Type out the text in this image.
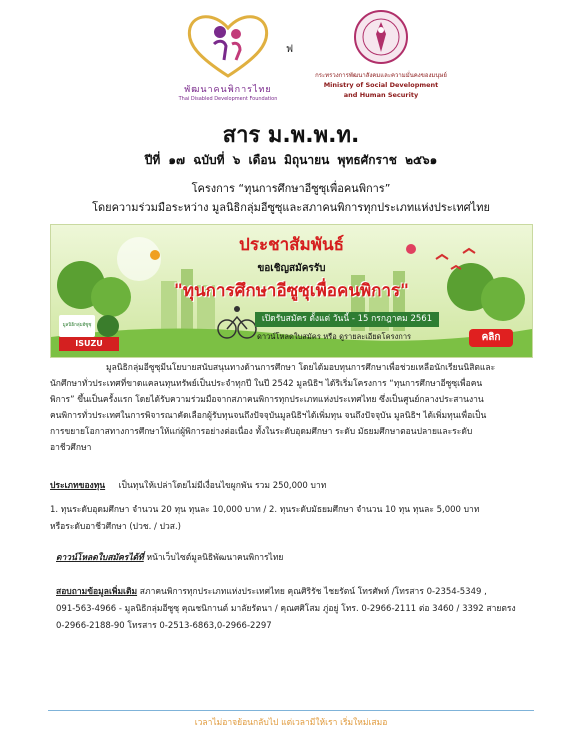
พัฒนาคนพิการไทย
Thai Disabled Development Foundation
ฟ
กระทรวงการพัฒนาสังคมและความมั่นคงของมนุษย์
Ministry of Social Development
and Human Security
สาร ม.พ.พ.ท.
ปีที่ ๑๗ ฉบับที่ ๖ เดือน มิถุนายน พุทธศักราช ๒๕๖๑
โครงการ “ทุนการศึกษาอีซูซุเพื่อคนพิการ”
โดยความร่วมมือระหว่าง มูลนิธิกลุ่มอีซูซุและสภาคนพิการทุกประเภทแห่งประเทศไทย
ประชาสัมพันธ์
ขอเชิญสมัครรับ
"ทุนการศึกษาอีซูซุเพื่อคนพิการ"
เปิดรับสมัคร ตั้งแต่ วันนี้ - 15 กรกฎาคม 2561
ดาวน์โหลดใบสมัคร หรือ ดูรายละเอียดโครงการ	คลิก
มูลนิธิกลุ่มอีซูซุ
ISUZU
มูลนิธิกลุ่มอีซูซุมีนโยบายสนับสนุนทางด้านการศึกษา โดยได้มอบทุนการศึกษาเพื่อช่วยเหลือนักเรียนนิสิตและ
นักศึกษาทั่วประเทศที่ขาดแคลนทุนทรัพย์เป็นประจำทุกปี ในปี 2542 มูลนิธิฯ ได้ริเริ่มโครงการ “ทุนการศึกษาอีซูซุเพื่อคน
พิการ” ขึ้นเป็นครั้งแรก โดยได้รับความร่วมมือจากสภาคนพิการทุกประเภทแห่งประเทศไทย ซึ่งเป็นศูนย์กลางประสานงาน
คนพิการทั่วประเทศในการพิจารณาคัดเลือกผู้รับทุนจนถึงปัจจุบันมูลนิธิฯได้เพิ่มทุน จนถึงปัจจุบัน มูลนิธิฯ ได้เพิ่มทุนเพื่อเป็น
การขยายโอกาสทางการศึกษาให้แก่ผู้พิการอย่างต่อเนื่อง ทั้งในระดับอุดมศึกษา ระดับ มัธยมศึกษาตอนปลายและระดับ
อาชีวศึกษา
ประเภทของทุน เป็นทุนให้เปล่าโดยไม่มีเงื่อนไขผูกพัน รวม 250,000 บาท
1. ทุนระดับอุดมศึกษา จำนวน 20 ทุน ทุนละ 10,000 บาท / 2. ทุนระดับมัธยมศึกษา จำนวน 10 ทุน ทุนละ 5,000 บาท
หรือระดับอาชีวศึกษา (ปวช. / ปวส.)
ดาวน์โหลดใบสมัครได้ที่ หน้าเว็บไซต์มูลนิธิพัฒนาคนพิการไทย
สอบถามข้อมูลเพิ่มเติม สภาคนพิการทุกประเภทแห่งประเทศไทย คุณศิริรัช ไชยรัตน์ โทรศัพท์ /โทรสาร 0-2354-5349 ,
091-563-4966 - มูลนิธิกลุ่มอีซูซุ คุณชนิกานต์ มาลัยรัตนา / คุณศศิโสม ภู่อยู่ โทร. 0-2966-2111 ต่อ 3460 / 3392 สายตรง
0-2966-2188-90 โทรสาร 0-2513-6863,0-2966-2297
เวลาไม่อาจย้อนกลับไป แต่เวลามีให้เรา เริ่มใหม่เสมอ
